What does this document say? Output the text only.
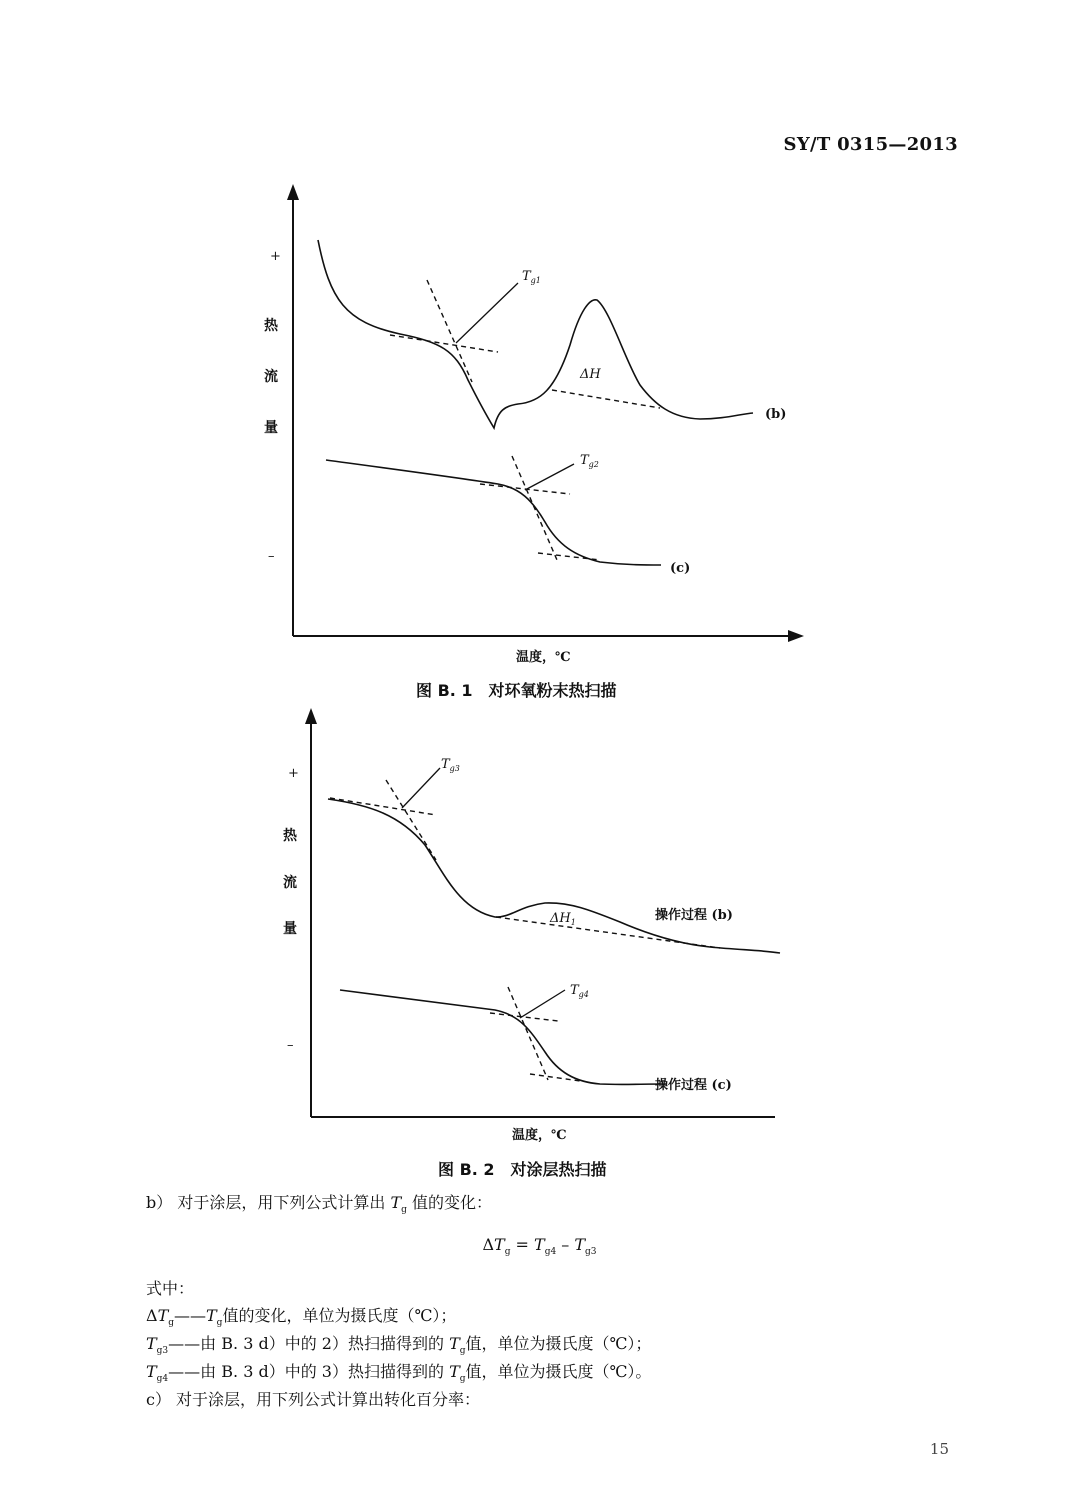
SY/T 0315—2013
+
热
流
量
–
温度，℃
$T_{g1}$
ΔH
(b)
$T_{g2}$
(c)
图 B. 1　对环氧粉末热扫描
+
热
流
量
–
温度，℃
$T_{g3}$
$\Delta H_1$	操作过程 (b)
$T_{g4}$
操作过程 (c)
图 B. 2　对涂层热扫描
b） 对于涂层，用下列公式计算出 $T_g$ 值的变化：
$\Delta T_g = T_{g4} - T_{g3}$
式中：
$\Delta T_g——T_g$值的变化，单位为摄氏度（℃）；
$T_{g3}——$由 B. 3 d）中的 2）热扫描得到的 $T_g$值，单位为摄氏度（℃）；
$T_{g4}——$由 B. 3 d）中的 3）热扫描得到的 $T_g$值，单位为摄氏度（℃）。
c） 对于涂层，用下列公式计算出转化百分率：
15
